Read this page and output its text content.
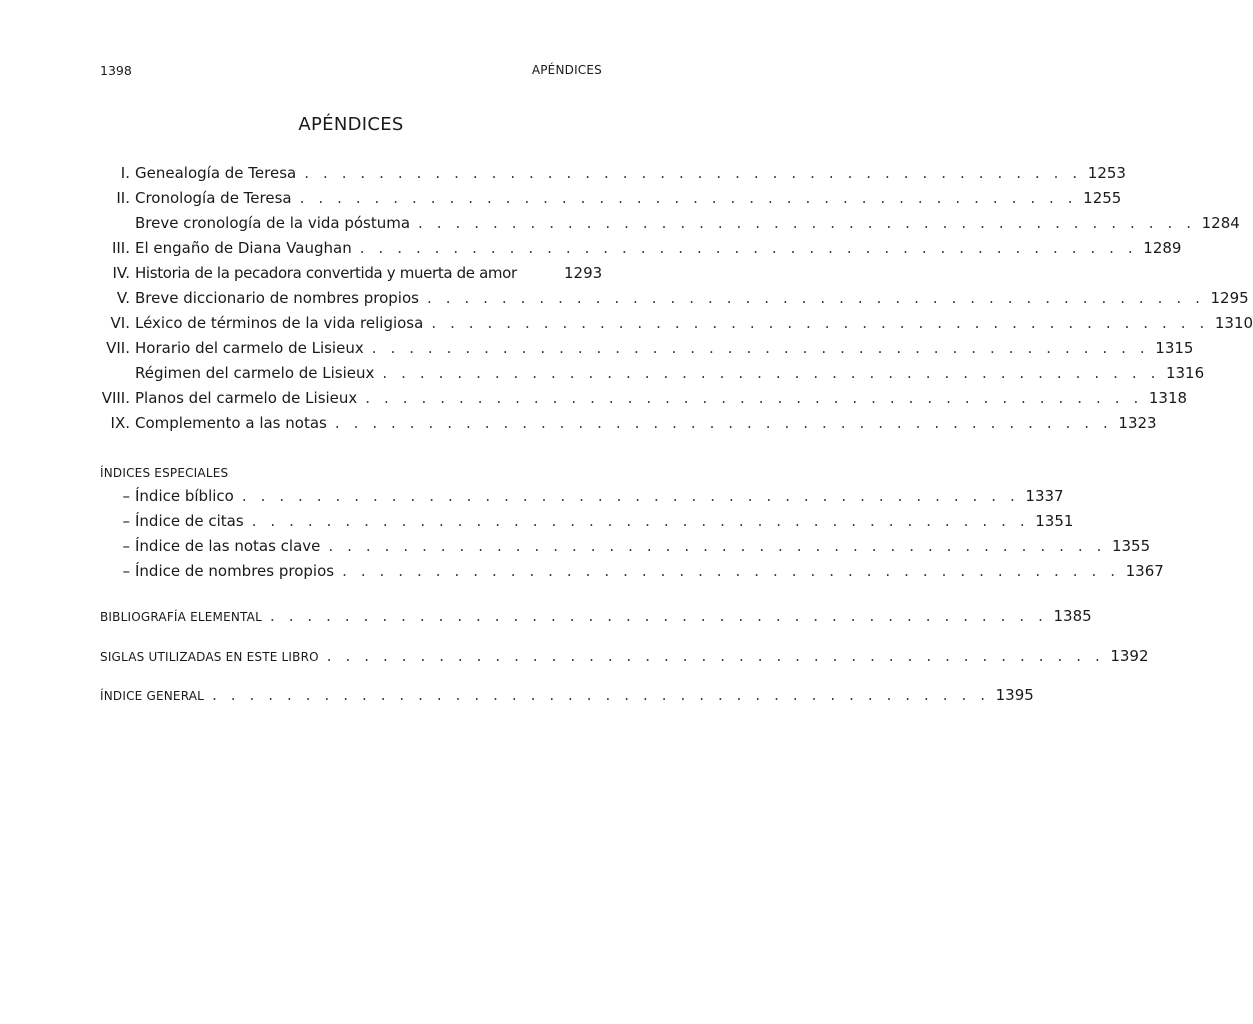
1398	APÉNDICES
APÉNDICES
I. Genealogía de Teresa . . . . . . . . . . . . . . . . . . . . . . . . . . . . . . . . . . . . . . . . . . 1253
II. Cronología de Teresa . . . . . . . . . . . . . . . . . . . . . . . . . . . . . . . . . . . . . . . . . . 1255
Breve cronología de la vida póstuma . . . . . . . . . . . . . . . . . . . . . . . . . . . . . . . . . . . . . . . . . . 1284
III. El engaño de Diana Vaughan . . . . . . . . . . . . . . . . . . . . . . . . . . . . . . . . . . . . . . . . . . 1289
IV. Historia de la pecadora convertida y muerta de amor	1293
V. Breve diccionario de nombres propios . . . . . . . . . . . . . . . . . . . . . . . . . . . . . . . . . . . . . . . . . . 1295
VI. Léxico de términos de la vida religiosa . . . . . . . . . . . . . . . . . . . . . . . . . . . . . . . . . . . . . . . . . . 1310
VII. Horario del carmelo de Lisieux . . . . . . . . . . . . . . . . . . . . . . . . . . . . . . . . . . . . . . . . . . 1315
Régimen del carmelo de Lisieux . . . . . . . . . . . . . . . . . . . . . . . . . . . . . . . . . . . . . . . . . . 1316
VIII. Planos del carmelo de Lisieux . . . . . . . . . . . . . . . . . . . . . . . . . . . . . . . . . . . . . . . . . . 1318
IX. Complemento a las notas . . . . . . . . . . . . . . . . . . . . . . . . . . . . . . . . . . . . . . . . . . 1323
ÍNDICES ESPECIALES
– Índice bíblico . . . . . . . . . . . . . . . . . . . . . . . . . . . . . . . . . . . . . . . . . . 1337
– Índice de citas . . . . . . . . . . . . . . . . . . . . . . . . . . . . . . . . . . . . . . . . . . 1351
– Índice de las notas clave . . . . . . . . . . . . . . . . . . . . . . . . . . . . . . . . . . . . . . . . . . 1355
– Índice de nombres propios . . . . . . . . . . . . . . . . . . . . . . . . . . . . . . . . . . . . . . . . . . 1367
BIBLIOGRAFÍA ELEMENTAL . . . . . . . . . . . . . . . . . . . . . . . . . . . . . . . . . . . . . . . . . . 1385
SIGLAS UTILIZADAS EN ESTE LIBRO . . . . . . . . . . . . . . . . . . . . . . . . . . . . . . . . . . . . . . . . . . 1392
ÍNDICE GENERAL . . . . . . . . . . . . . . . . . . . . . . . . . . . . . . . . . . . . . . . . . . 1395
